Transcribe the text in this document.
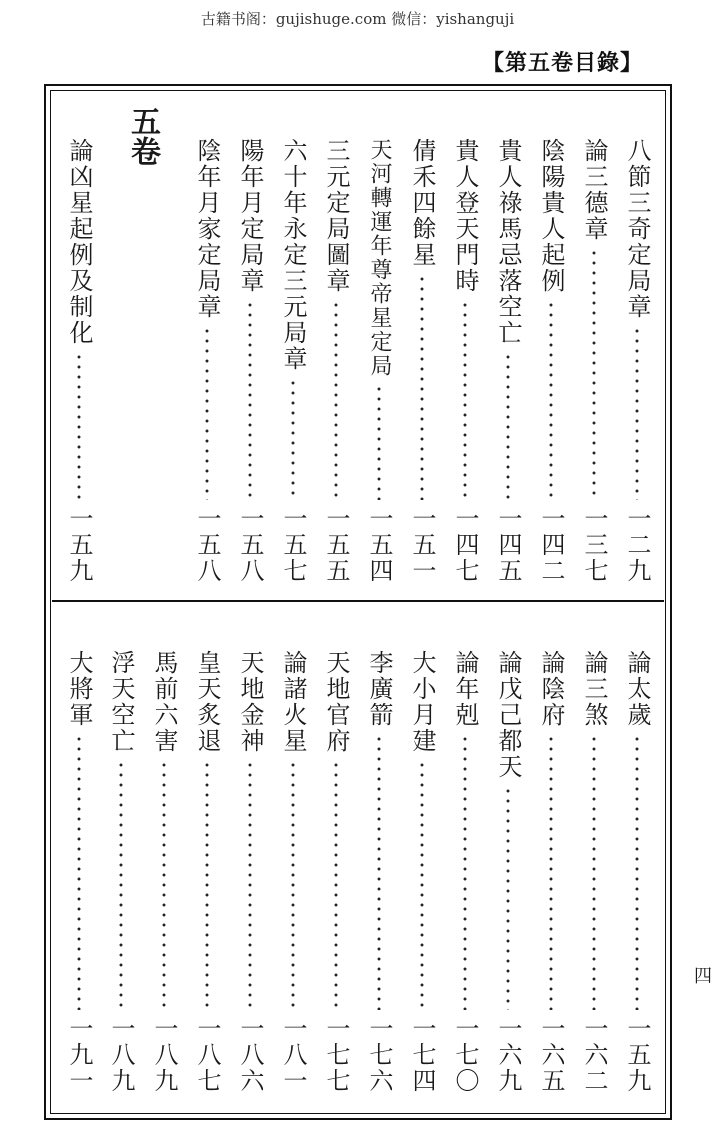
古籍书阁：gujishuge.com 微信：yishanguji
【第五卷目錄】
八節三奇定局章
一二九
論三德章
一三七
陰陽貴人起例
一四二
貴人祿馬忌落空亡
一四五
貴人登天門時
一四七
倩禾四餘星
一五一
天河轉運年尊帝星定局
一五四
三元定局圖章
一五五
六十年永定三元局章
一五七
陽年月定局章
一五八
陰年月家定局章
一五八
五卷
論凶星起例及制化
一五九
論太歲
一五九
論三煞
一六二
論陰府
一六五
論戊己都天
一六九
論年剋
一七〇
大小月建
一七四
李廣箭
一七六
天地官府
一七七
論諸火星
一八一
天地金神
一八六
皇天炙退
一八七
馬前六害
一八九
浮天空亡
一八九
大將軍
一九一
四
